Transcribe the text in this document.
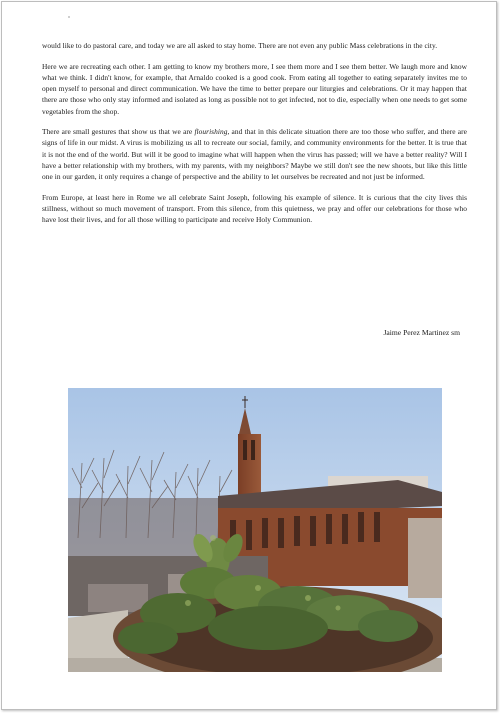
would like to do pastoral care, and today we are all asked to stay home. There are not even any public Mass celebrations in the city.

Here we are recreating each other. I am getting to know my brothers more, I see them more and I see them better. We laugh more and know what we think. I didn't know, for example, that Arnaldo cooked is a good cook. From eating all together to eating separately invites me to open myself to personal and direct communication. We have the time to better prepare our liturgies and celebrations. Or it may happen that there are those who only stay informed and isolated as long as possible not to get infected, not to die, especially when one needs to get some vegetables from the shop.

There are small gestures that show us that we are flourishing, and that in this delicate situation there are too those who suffer, and there are signs of life in our midst. A virus is mobilizing us all to recreate our social, family, and community environments for the better. It is true that it is not the end of the world. But will it be good to imagine what will happen when the virus has passed; will we have a better reality? Will I have a better relationship with my brothers, with my parents, with my neighbors? Maybe we still don't see the new shoots, but like this little one in our garden, it only requires a change of perspective and the ability to let ourselves be recreated and not just be informed.

From Europe, at least here in Rome we all celebrate Saint Joseph, following his example of silence. It is curious that the city lives this stillness, without so much movement of transport. From this silence, from this quietness, we pray and offer our celebrations for those who have lost their lives, and for all those willing to participate and receive Holy Communion.

Jaime Perez Martinez sm
